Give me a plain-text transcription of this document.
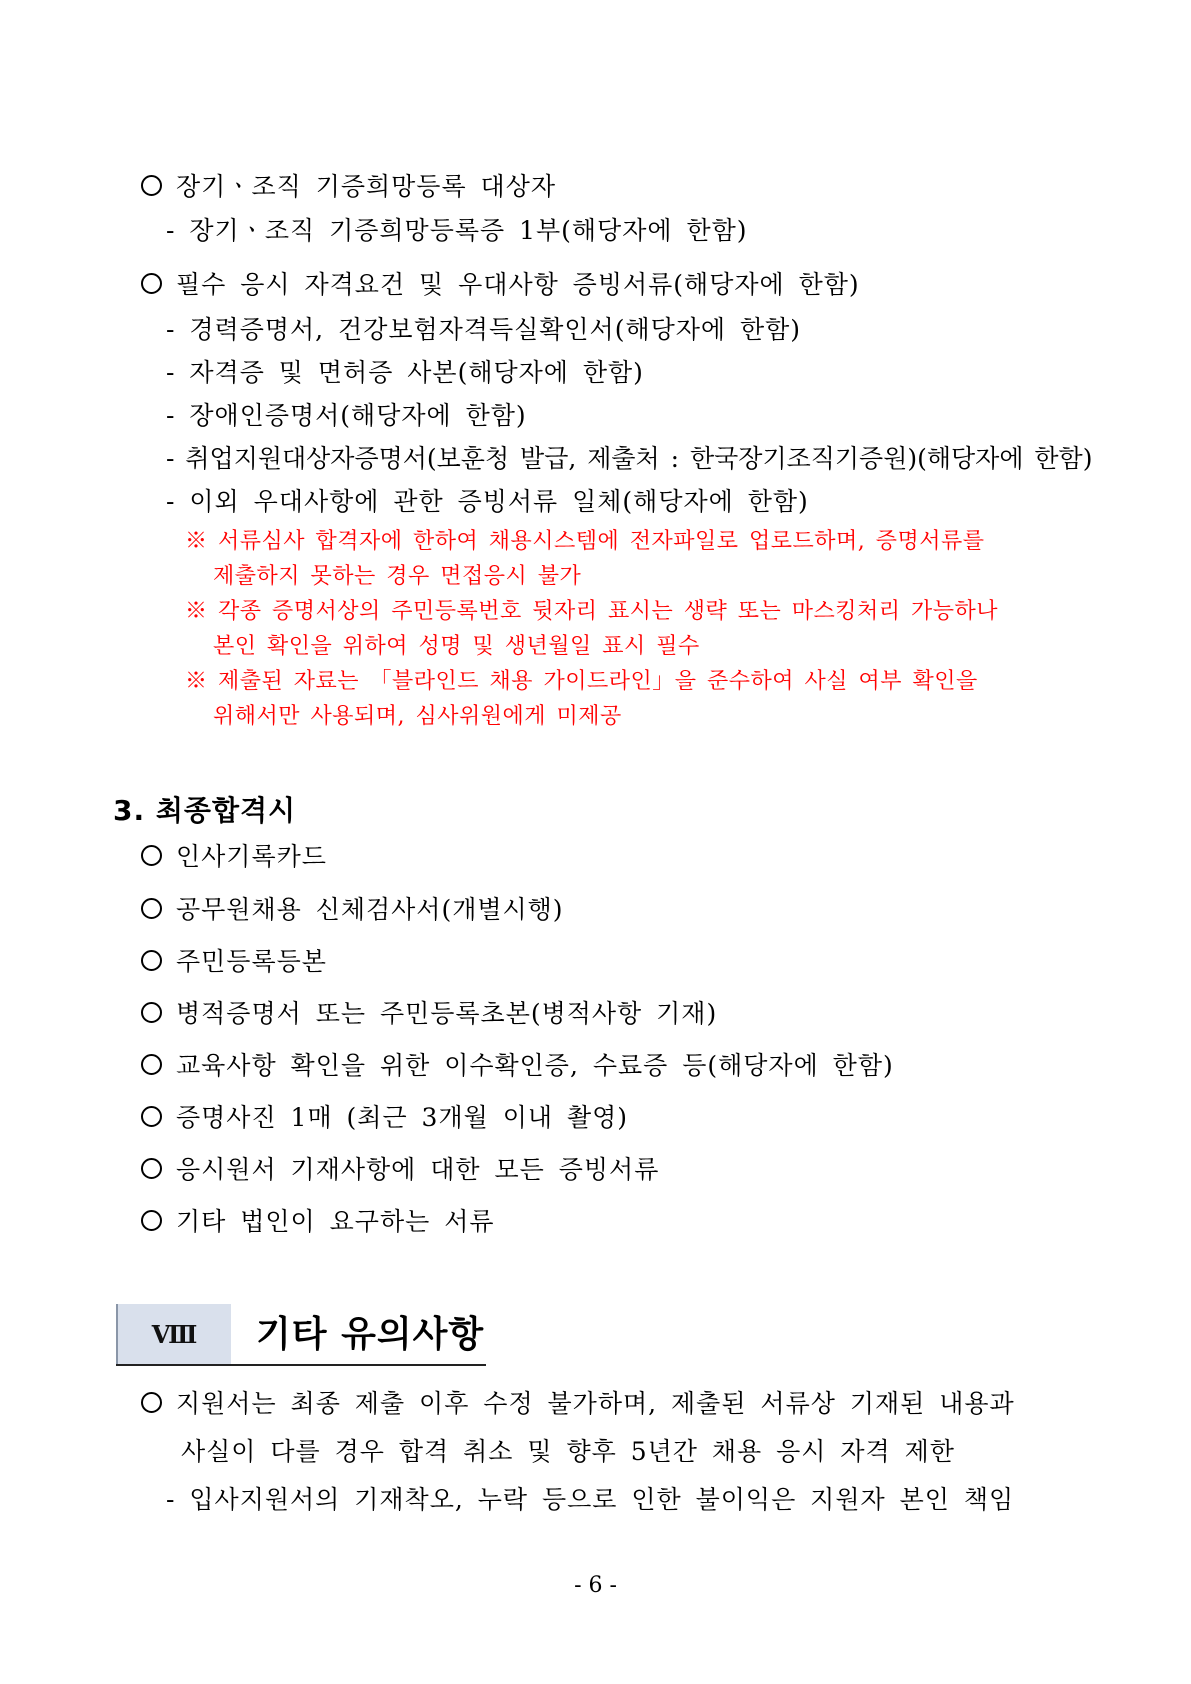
장기ㆍ조직 기증희망등록 대상자
- 장기ㆍ조직 기증희망등록증 1부(해당자에 한함)
필수 응시 자격요건 및 우대사항 증빙서류(해당자에 한함)
- 경력증명서, 건강보험자격득실확인서(해당자에 한함)
- 자격증 및 면허증 사본(해당자에 한함)
- 장애인증명서(해당자에 한함)
- 취업지원대상자증명서(보훈청 발급, 제출처 : 한국장기조직기증원)(해당자에 한함)
- 이외 우대사항에 관한 증빙서류 일체(해당자에 한함)
※ 서류심사 합격자에 한하여 채용시스템에 전자파일로 업로드하며, 증명서류를
제출하지 못하는 경우 면접응시 불가
※ 각종 증명서상의 주민등록번호 뒷자리 표시는 생략 또는 마스킹처리 가능하나
본인 확인을 위하여 성명 및 생년월일 표시 필수
※ 제출된 자료는 「블라인드 채용 가이드라인」을 준수하여 사실 여부 확인을
위해서만 사용되며, 심사위원에게 미제공
3. 최종합격시
인사기록카드
공무원채용 신체검사서(개별시행)
주민등록등본
병적증명서 또는 주민등록초본(병적사항 기재)
교육사항 확인을 위한 이수확인증, 수료증 등(해당자에 한함)
증명사진 1매 (최근 3개월 이내 촬영)
응시원서 기재사항에 대한 모든 증빙서류
기타 법인이 요구하는 서류
Ⅷ	기타 유의사항
지원서는 최종 제출 이후 수정 불가하며, 제출된 서류상 기재된 내용과
사실이 다를 경우 합격 취소 및 향후 5년간 채용 응시 자격 제한
- 입사지원서의 기재착오, 누락 등으로 인한 불이익은 지원자 본인 책임
- 6 -
